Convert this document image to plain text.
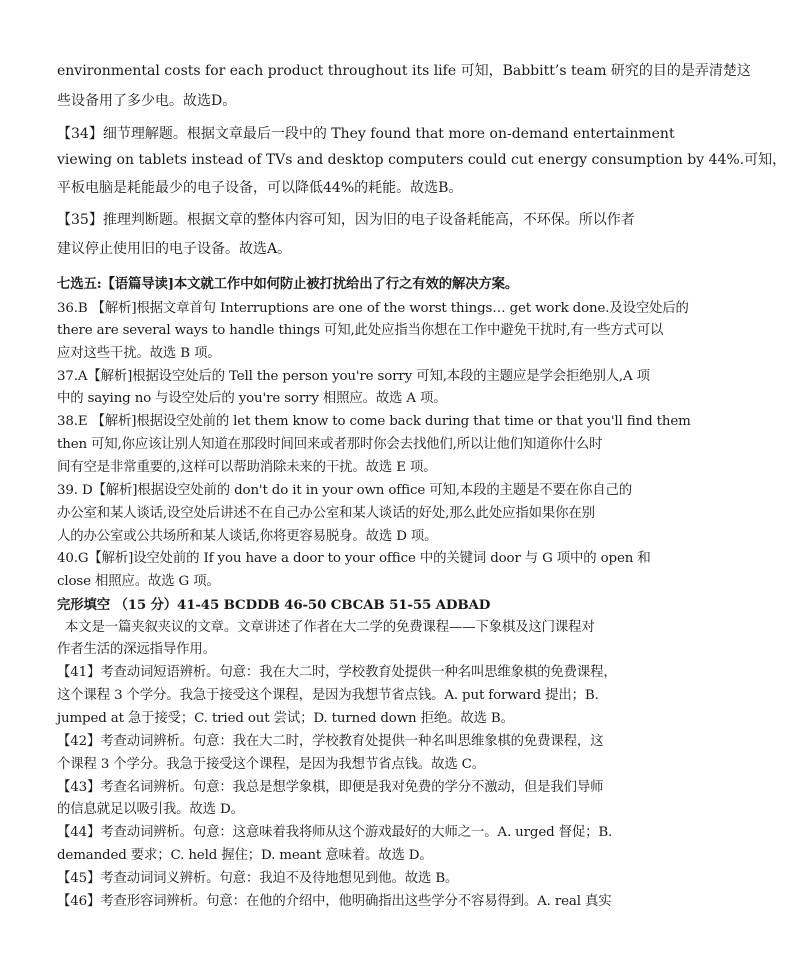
environmental costs for each product throughout its life 可知，Babbitt’s team 研究的目的是弄清楚这
些设备用了多少电。故选D。
【34】细节理解题。根据文章最后一段中的 They found that more on-demand entertainment
viewing on tablets instead of TVs and desktop computers could cut energy consumption by 44%.可知，
平板电脑是耗能最少的电子设备，可以降低44%的耗能。故选B。
【35】推理判断题。根据文章的整体内容可知，因为旧的电子设备耗能高，不环保。所以作者
建议停止使用旧的电子设备。故选A。
七选五:【语篇导读]本文就工作中如何防止被打扰给出了行之有效的解决方案。
36.B 【解析]根据文章首句 Interruptions are one of the worst things… get work done.及设空处后的
there are several ways to handle things 可知,此处应指当你想在工作中避免干扰时,有一些方式可以
应对这些干扰。故选 B 项。
37.A【解析]根据设空处后的 Tell the person you're sorry 可知,本段的主题应是学会拒绝别人,A 项
中的 saying no 与设空处后的 you're sorry 相照应。故选 A 项。
38.E 【解析]根据设空处前的 let them know to come back during that time or that you'll find them
then 可知,你应该让别人知道在那段时间回来或者那时你会去找他们,所以让他们知道你什么时
间有空是非常重要的,这样可以帮助消除未来的干扰。故选 E 项。
39. D【解析]根据设空处前的 don't do it in your own office 可知,本段的主题是不要在你自己的
办公室和某人谈话,设空处后讲述不在自己办公室和某人谈话的好处,那么此处应指如果你在别
人的办公室或公共场所和某人谈话,你将更容易脱身。故选 D 项。
40.G【解析]设空处前的 If you have a door to your office 中的关键词 door 与 G 项中的 open 和
close 相照应。故选 G 项。
完形填空 （15 分）41-45 BCDDB 46-50 CBCAB 51-55 ADBAD
本文是一篇夹叙夹议的文章。文章讲述了作者在大二学的免费课程——下象棋及这门课程对
作者生活的深远指导作用。
【41】考查动词短语辨析。句意：我在大二时，学校教育处提供一种名叫思维象棋的免费课程，
这个课程 3 个学分。我急于接受这个课程，是因为我想节省点钱。A. put forward 提出；B.
jumped at 急于接受；C. tried out 尝试；D. turned down 拒绝。故选 B。
【42】考查动词辨析。句意：我在大二时，学校教育处提供一种名叫思维象棋的免费课程，这
个课程 3 个学分。我急于接受这个课程，是因为我想节省点钱。故选 C。
【43】考查名词辨析。句意：我总是想学象棋，即便是我对免费的学分不激动，但是我们导师
的信息就足以吸引我。故选 D。
【44】考查动词辨析。句意：这意味着我将师从这个游戏最好的大师之一。A. urged 督促；B.
demanded 要求；C. held 握住；D. meant 意味着。故选 D。
【45】考查动词词义辨析。句意：我迫不及待地想见到他。故选 B。
【46】考查形容词辨析。句意：在他的介绍中，他明确指出这些学分不容易得到。A. real 真实
